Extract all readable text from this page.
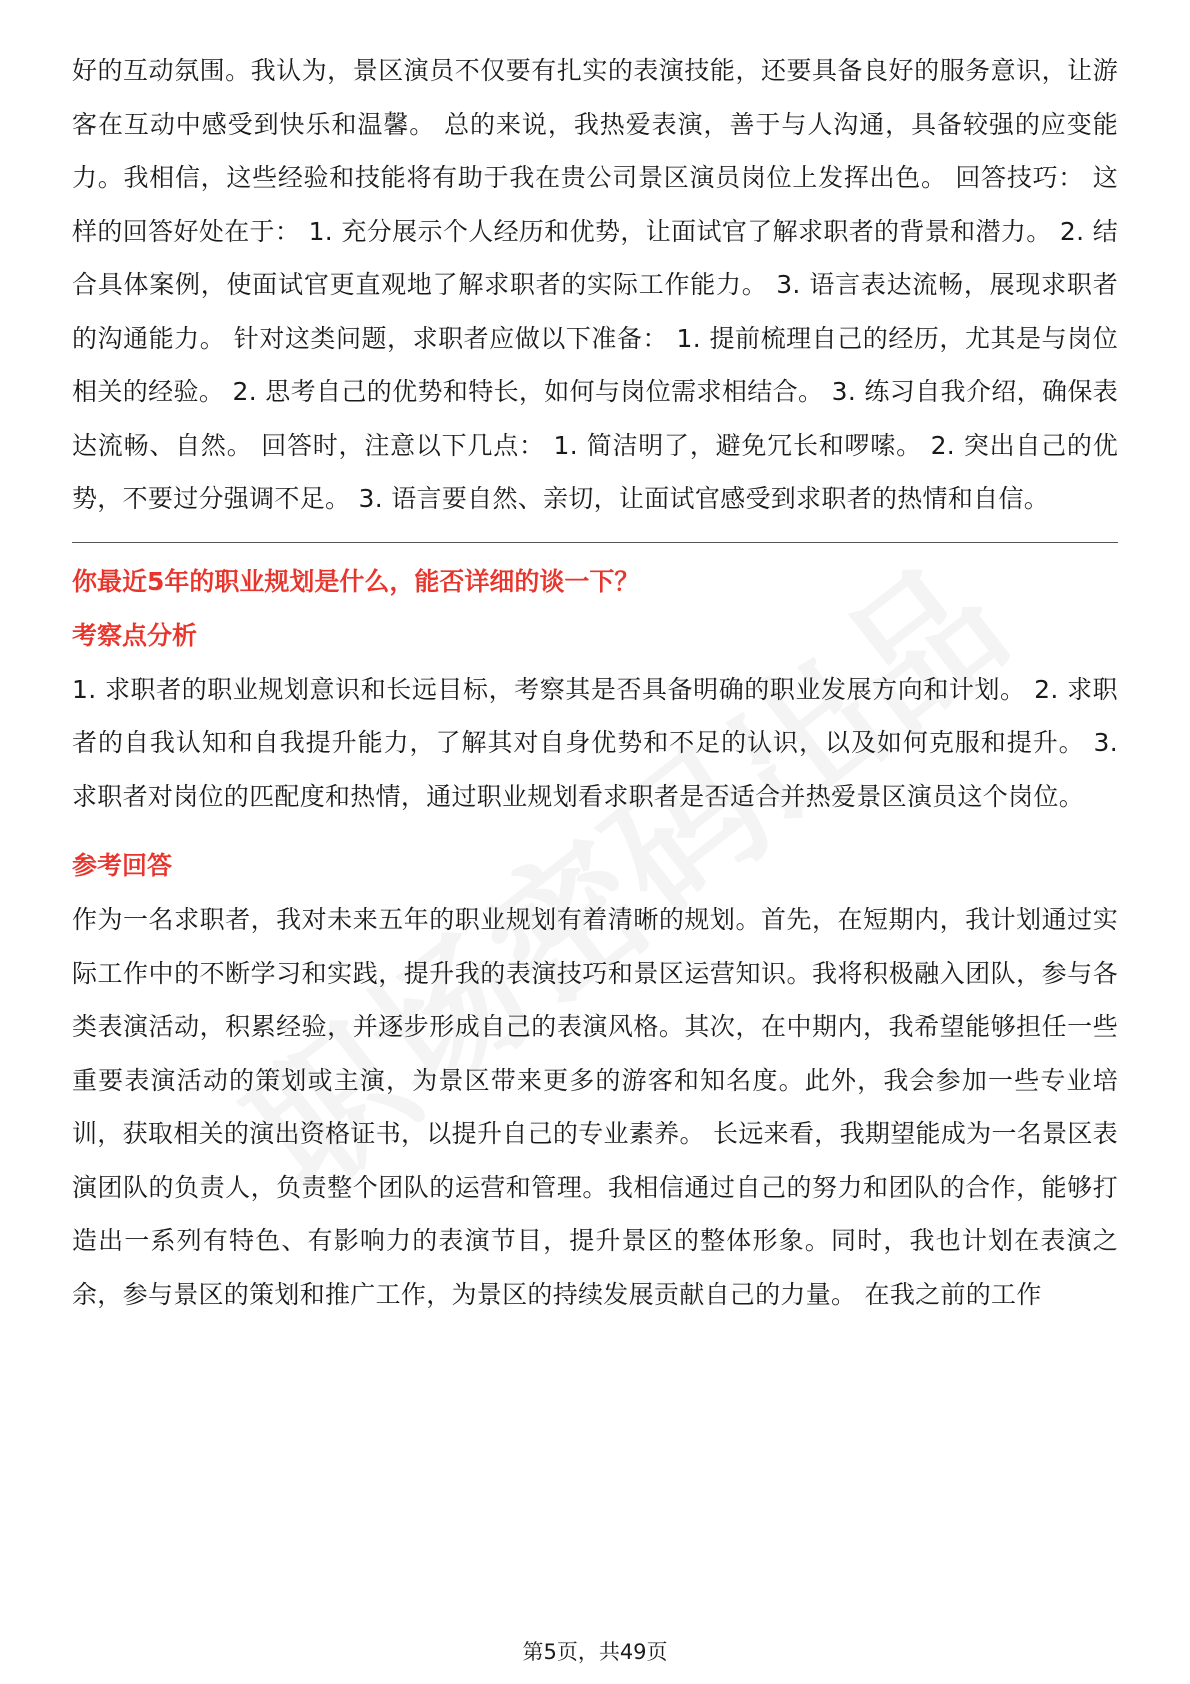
好的互动氛围。我认为，景区演员不仅要有扎实的表演技能，还要具备良好的服务意识，让游客在互动中感受到快乐和温馨。 总的来说，我热爱表演，善于与人沟通，具备较强的应变能力。我相信，这些经验和技能将有助于我在贵公司景区演员岗位上发挥出色。 回答技巧： 这样的回答好处在于： 1. 充分展示个人经历和优势，让面试官了解求职者的背景和潜力。 2. 结合具体案例，使面试官更直观地了解求职者的实际工作能力。 3. 语言表达流畅，展现求职者的沟通能力。 针对这类问题，求职者应做以下准备： 1. 提前梳理自己的经历，尤其是与岗位相关的经验。 2. 思考自己的优势和特长，如何与岗位需求相结合。 3. 练习自我介绍，确保表达流畅、自然。 回答时，注意以下几点： 1. 简洁明了，避免冗长和啰嗦。 2. 突出自己的优势，不要过分强调不足。 3. 语言要自然、亲切，让面试官感受到求职者的热情和自信。

你最近5年的职业规划是什么，能否详细的谈一下？

考察点分析

1. 求职者的职业规划意识和长远目标，考察其是否具备明确的职业发展方向和计划。 2. 求职者的自我认知和自我提升能力，了解其对自身优势和不足的认识，以及如何克服和提升。 3. 求职者对岗位的匹配度和热情，通过职业规划看求职者是否适合并热爱景区演员这个岗位。

参考回答

作为一名求职者，我对未来五年的职业规划有着清晰的规划。首先，在短期内，我计划通过实际工作中的不断学习和实践，提升我的表演技巧和景区运营知识。我将积极融入团队，参与各类表演活动，积累经验，并逐步形成自己的表演风格。其次，在中期内，我希望能够担任一些重要表演活动的策划或主演，为景区带来更多的游客和知名度。此外，我会参加一些专业培训，获取相关的演出资格证书，以提升自己的专业素养。 长远来看，我期望能成为一名景区表演团队的负责人，负责整个团队的运营和管理。我相信通过自己的努力和团队的合作，能够打造出一系列有特色、有影响力的表演节目，提升景区的整体形象。同时，我也计划在表演之余，参与景区的策划和推广工作，为景区的持续发展贡献自己的力量。 在我之前的工作

第5页，共49页
